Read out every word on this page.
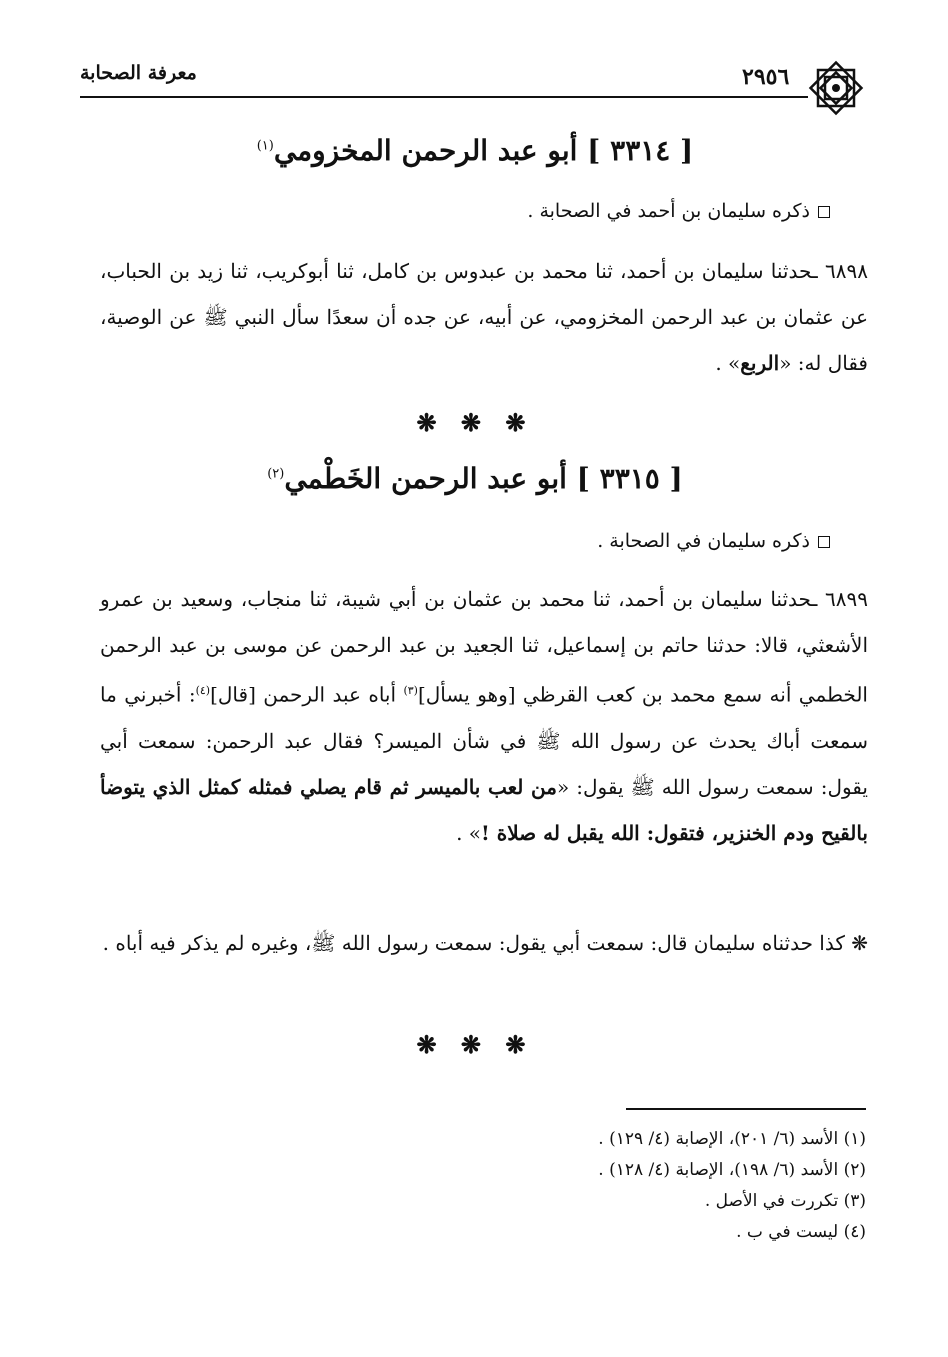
٢٩٥٦
معرفة الصحابة
[ ٣٣١٤ ] أبو عبد الرحمن المخزومي$^{(١)}$
ذكره سليمان بن أحمد في الصحابة .
٦٨٩٨ ـحدثنا سليمان بن أحمد، ثنا محمد بن عبدوس بن كامل، ثنا أبوكريب، ثنا زيد بن الحباب، عن عثمان بن عبد الرحمن المخزومي، عن أبيه، عن جده أن سعدًا سأل النبي ﷺ عن الوصية، فقال له: «الربع» .
❋ ❋ ❋
[ ٣٣١٥ ] أبو عبد الرحمن الخَطْمي$^{(٢)}$
ذكره سليمان في الصحابة .
٦٨٩٩ ـحدثنا سليمان بن أحمد، ثنا محمد بن عثمان بن أبي شيبة، ثنا منجاب، وسعيد بن عمرو الأشعثي، قالا: حدثنا حاتم بن إسماعيل، ثنا الجعيد بن عبد الرحمن عن موسى بن عبد الرحمن الخطمي أنه سمع محمد بن كعب القرظي [وهو يسأل]$^{(٣)}$ أباه عبد الرحمن [قال]$^{(٤)}$: أخبرني ما سمعت أباك يحدث عن رسول الله ﷺ في شأن الميسر؟ فقال عبد الرحمن: سمعت أبي يقول: سمعت رسول الله ﷺ يقول: «من لعب بالميسر ثم قام يصلي فمثله كمثل الذي يتوضأ بالقيح ودم الخنزير، فتقول: الله يقبل له صلاة !» .
❋ كذا حدثناه سليمان قال: سمعت أبي يقول: سمعت رسول الله ﷺ، وغيره لم يذكر فيه أباه .
❋ ❋ ❋
(١) الأسد (٦/ ٢٠١)، الإصابة (٤/ ١٢٩) .
(٢) الأسد (٦/ ١٩٨)، الإصابة (٤/ ١٢٨) .
(٣) تكررت في الأصل .
(٤) ليست في ب .
